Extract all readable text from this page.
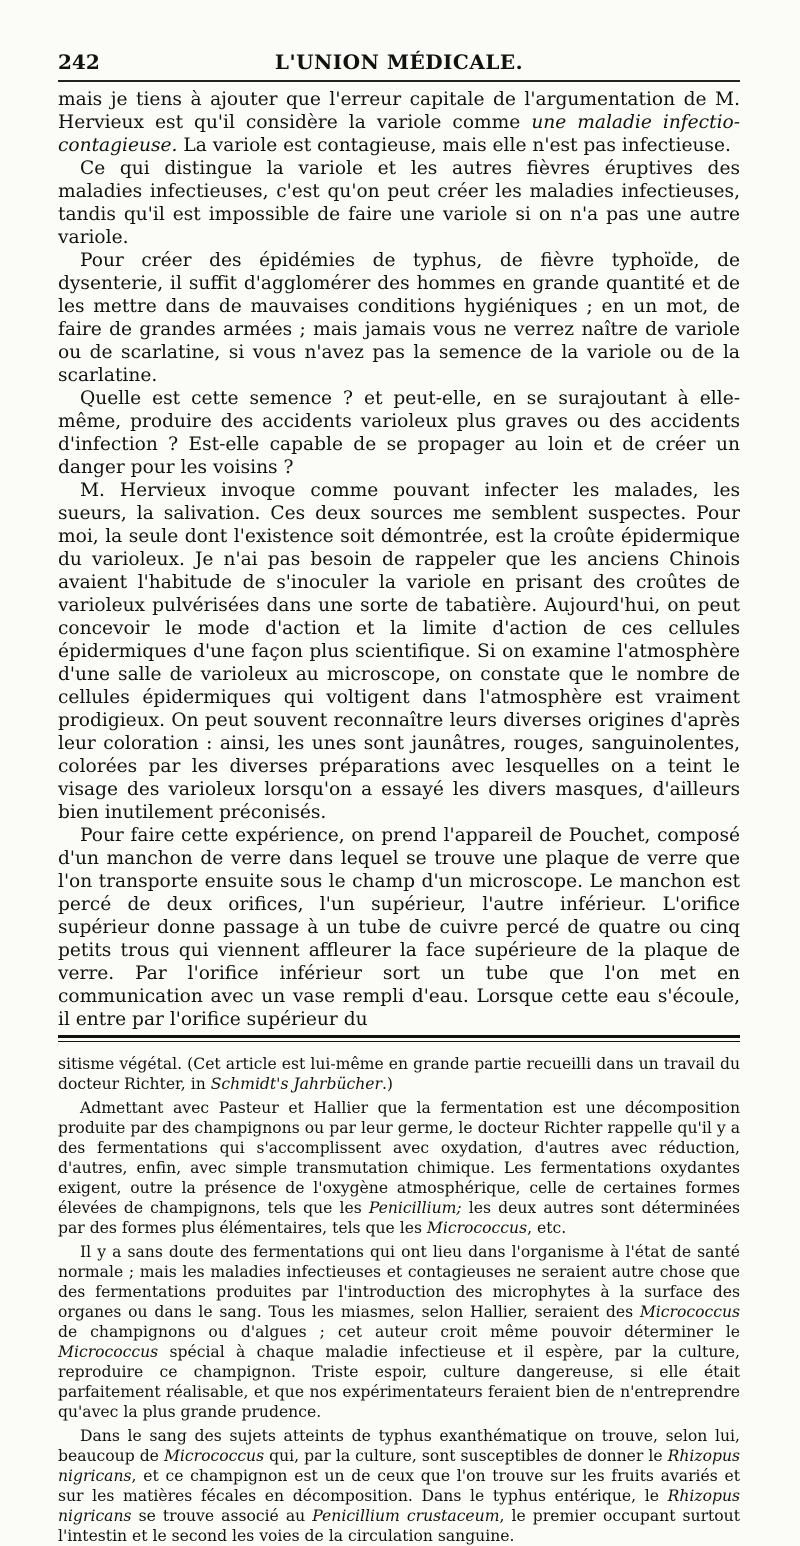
242	L'UNION MÉDICALE.

mais je tiens à ajouter que l'erreur capitale de l'argumentation de M. Hervieux est qu'il considère la variole comme une maladie infectio-contagieuse. La variole est contagieuse, mais elle n'est pas infectieuse.

Ce qui distingue la variole et les autres fièvres éruptives des maladies infectieuses, c'est qu'on peut créer les maladies infectieuses, tandis qu'il est impossible de faire une variole si on n'a pas une autre variole.

Pour créer des épidémies de typhus, de fièvre typhoïde, de dysenterie, il suffit d'agglomérer des hommes en grande quantité et de les mettre dans de mauvaises conditions hygiéniques ; en un mot, de faire de grandes armées ; mais jamais vous ne verrez naître de variole ou de scarlatine, si vous n'avez pas la semence de la variole ou de la scarlatine.

Quelle est cette semence ? et peut-elle, en se surajoutant à elle-même, produire des accidents varioleux plus graves ou des accidents d'infection ? Est-elle capable de se propager au loin et de créer un danger pour les voisins ?

M. Hervieux invoque comme pouvant infecter les malades, les sueurs, la salivation. Ces deux sources me semblent suspectes. Pour moi, la seule dont l'existence soit démontrée, est la croûte épidermique du varioleux. Je n'ai pas besoin de rappeler que les anciens Chinois avaient l'habitude de s'inoculer la variole en prisant des croûtes de varioleux pulvérisées dans une sorte de tabatière. Aujourd'hui, on peut concevoir le mode d'action et la limite d'action de ces cellules épidermiques d'une façon plus scientifique. Si on examine l'atmosphère d'une salle de varioleux au microscope, on constate que le nombre de cellules épidermiques qui voltigent dans l'atmosphère est vraiment prodigieux. On peut souvent reconnaître leurs diverses origines d'après leur coloration : ainsi, les unes sont jaunâtres, rouges, sanguinolentes, colorées par les diverses préparations avec lesquelles on a teint le visage des varioleux lorsqu'on a essayé les divers masques, d'ailleurs bien inutilement préconisés.

Pour faire cette expérience, on prend l'appareil de Pouchet, composé d'un manchon de verre dans lequel se trouve une plaque de verre que l'on transporte ensuite sous le champ d'un microscope. Le manchon est percé de deux orifices, l'un supérieur, l'autre inférieur. L'orifice supérieur donne passage à un tube de cuivre percé de quatre ou cinq petits trous qui viennent affleurer la face supérieure de la plaque de verre. Par l'orifice inférieur sort un tube que l'on met en communication avec un vase rempli d'eau. Lorsque cette eau s'écoule, il entre par l'orifice supérieur du

sitisme végétal. (Cet article est lui-même en grande partie recueilli dans un travail du docteur Richter, in Schmidt's Jahrbücher.)

Admettant avec Pasteur et Hallier que la fermentation est une décomposition produite par des champignons ou par leur germe, le docteur Richter rappelle qu'il y a des fermentations qui s'accomplissent avec oxydation, d'autres avec réduction, d'autres, enfin, avec simple transmutation chimique. Les fermentations oxydantes exigent, outre la présence de l'oxygène atmosphérique, celle de certaines formes élevées de champignons, tels que les Penicillium; les deux autres sont déterminées par des formes plus élémentaires, tels que les Micrococcus, etc.

Il y a sans doute des fermentations qui ont lieu dans l'organisme à l'état de santé normale ; mais les maladies infectieuses et contagieuses ne seraient autre chose que des fermentations produites par l'introduction des microphytes à la surface des organes ou dans le sang. Tous les miasmes, selon Hallier, seraient des Micrococcus de champignons ou d'algues ; cet auteur croit même pouvoir déterminer le Micrococcus spécial à chaque maladie infectieuse et il espère, par la culture, reproduire ce champignon. Triste espoir, culture dangereuse, si elle était parfaitement réalisable, et que nos expérimentateurs feraient bien de n'entreprendre qu'avec la plus grande prudence.

Dans le sang des sujets atteints de typhus exanthématique on trouve, selon lui, beaucoup de Micrococcus qui, par la culture, sont susceptibles de donner le Rhizopus nigricans, et ce champignon est un de ceux que l'on trouve sur les fruits avariés et sur les matières fécales en décomposition. Dans le typhus entérique, le Rhizopus nigricans se trouve associé au Penicillium crustaceum, le premier occupant surtout l'intestin et le second les voies de la circulation sanguine.
